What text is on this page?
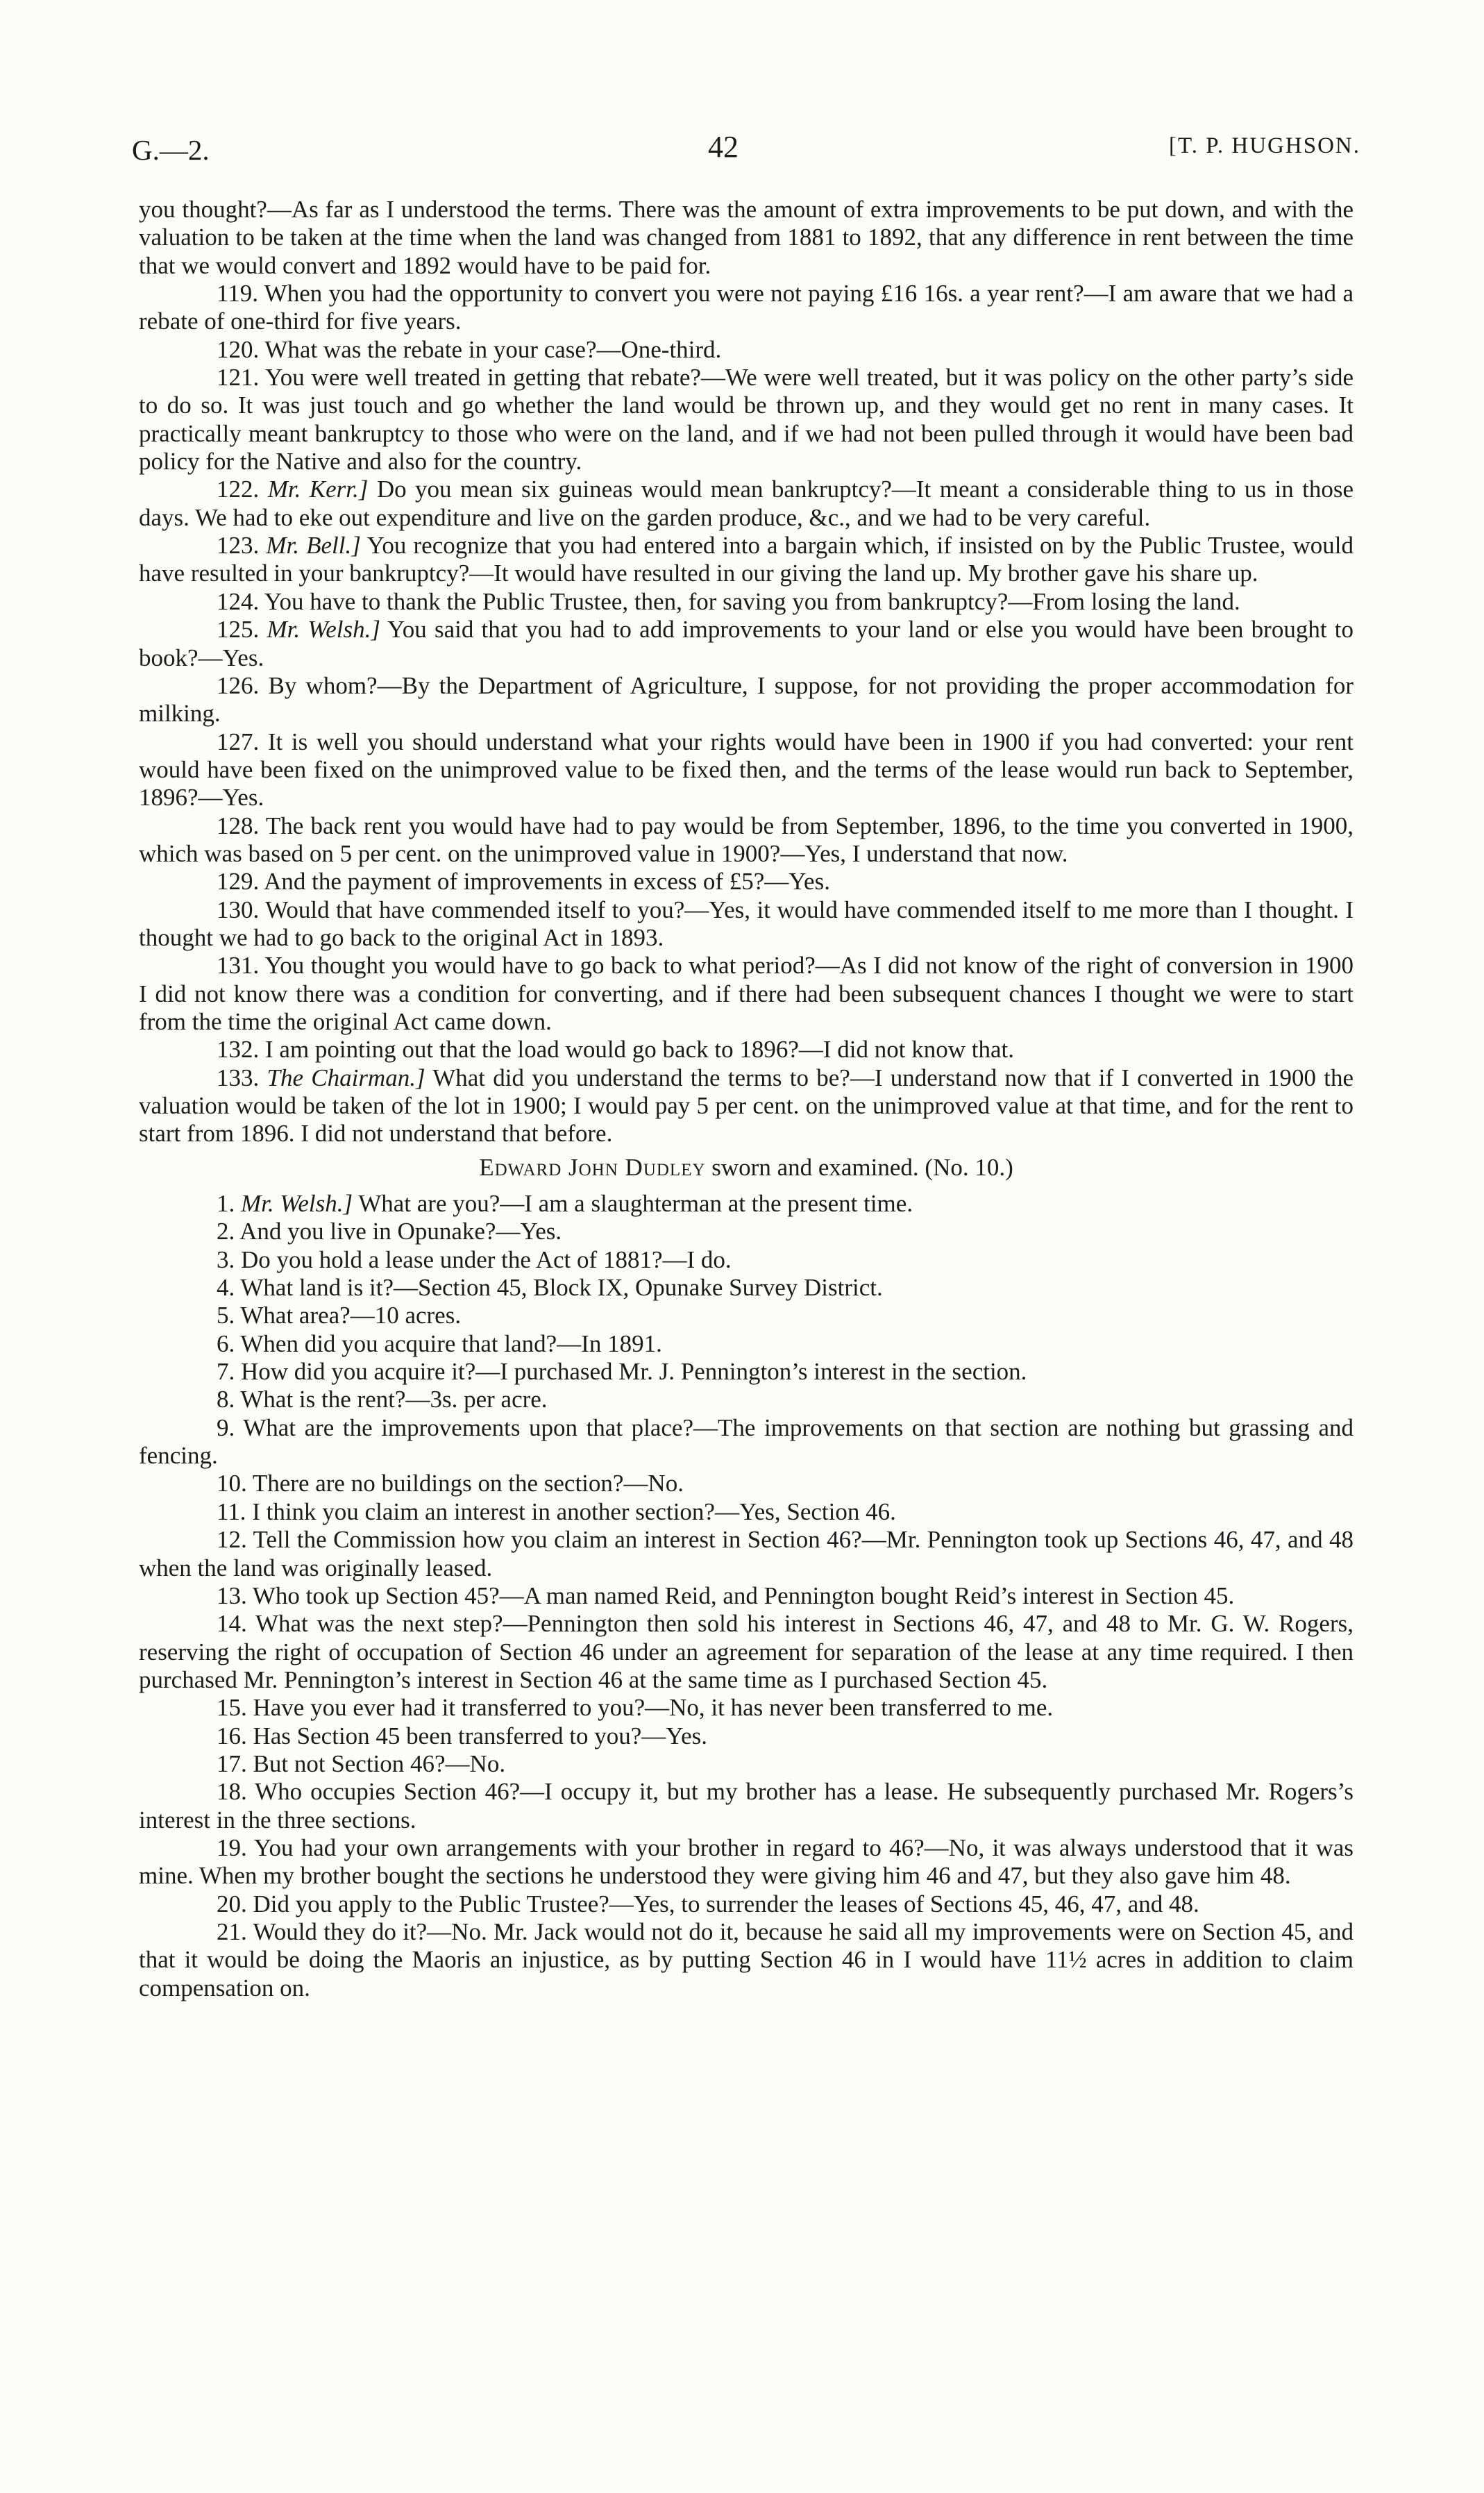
G.—2.	42	[T. P. HUGHSON.

you thought?—As far as I understood the terms. There was the amount of extra improvements to be put down, and with the valuation to be taken at the time when the land was changed from 1881 to 1892, that any difference in rent between the time that we would convert and 1892 would have to be paid for.

119. When you had the opportunity to convert you were not paying £16 16s. a year rent?—I am aware that we had a rebate of one-third for five years.

120. What was the rebate in your case?—One-third.

121. You were well treated in getting that rebate?—We were well treated, but it was policy on the other party’s side to do so. It was just touch and go whether the land would be thrown up, and they would get no rent in many cases. It practically meant bankruptcy to those who were on the land, and if we had not been pulled through it would have been bad policy for the Native and also for the country.

122. Mr. Kerr.] Do you mean six guineas would mean bankruptcy?—It meant a considerable thing to us in those days. We had to eke out expenditure and live on the garden produce, &c., and we had to be very careful.

123. Mr. Bell.] You recognize that you had entered into a bargain which, if insisted on by the Public Trustee, would have resulted in your bankruptcy?—It would have resulted in our giving the land up. My brother gave his share up.

124. You have to thank the Public Trustee, then, for saving you from bankruptcy?—From losing the land.

125. Mr. Welsh.] You said that you had to add improvements to your land or else you would have been brought to book?—Yes.

126. By whom?—By the Department of Agriculture, I suppose, for not providing the proper accommodation for milking.

127. It is well you should understand what your rights would have been in 1900 if you had converted: your rent would have been fixed on the unimproved value to be fixed then, and the terms of the lease would run back to September, 1896?—Yes.

128. The back rent you would have had to pay would be from September, 1896, to the time you converted in 1900, which was based on 5 per cent. on the unimproved value in 1900?—Yes, I understand that now.

129. And the payment of improvements in excess of £5?—Yes.

130. Would that have commended itself to you?—Yes, it would have commended itself to me more than I thought. I thought we had to go back to the original Act in 1893.

131. You thought you would have to go back to what period?—As I did not know of the right of conversion in 1900 I did not know there was a condition for converting, and if there had been subsequent chances I thought we were to start from the time the original Act came down.

132. I am pointing out that the load would go back to 1896?—I did not know that.

133. The Chairman.] What did you understand the terms to be?—I understand now that if I converted in 1900 the valuation would be taken of the lot in 1900; I would pay 5 per cent. on the unimproved value at that time, and for the rent to start from 1896. I did not understand that before.

Edward John Dudley sworn and examined. (No. 10.)

1. Mr. Welsh.] What are you?—I am a slaughterman at the present time.

2. And you live in Opunake?—Yes.

3. Do you hold a lease under the Act of 1881?—I do.

4. What land is it?—Section 45, Block IX, Opunake Survey District.

5. What area?—10 acres.

6. When did you acquire that land?—In 1891.

7. How did you acquire it?—I purchased Mr. J. Pennington’s interest in the section.

8. What is the rent?—3s. per acre.

9. What are the improvements upon that place?—The improvements on that section are nothing but grassing and fencing.

10. There are no buildings on the section?—No.

11. I think you claim an interest in another section?—Yes, Section 46.

12. Tell the Commission how you claim an interest in Section 46?—Mr. Pennington took up Sections 46, 47, and 48 when the land was originally leased.

13. Who took up Section 45?—A man named Reid, and Pennington bought Reid’s interest in Section 45.

14. What was the next step?—Pennington then sold his interest in Sections 46, 47, and 48 to Mr. G. W. Rogers, reserving the right of occupation of Section 46 under an agreement for separation of the lease at any time required. I then purchased Mr. Pennington’s interest in Section 46 at the same time as I purchased Section 45.

15. Have you ever had it transferred to you?—No, it has never been transferred to me.

16. Has Section 45 been transferred to you?—Yes.

17. But not Section 46?—No.

18. Who occupies Section 46?—I occupy it, but my brother has a lease. He subsequently purchased Mr. Rogers’s interest in the three sections.

19. You had your own arrangements with your brother in regard to 46?—No, it was always understood that it was mine. When my brother bought the sections he understood they were giving him 46 and 47, but they also gave him 48.

20. Did you apply to the Public Trustee?—Yes, to surrender the leases of Sections 45, 46, 47, and 48.

21. Would they do it?—No. Mr. Jack would not do it, because he said all my improvements were on Section 45, and that it would be doing the Maoris an injustice, as by putting Section 46 in I would have 11½ acres in addition to claim compensation on.
